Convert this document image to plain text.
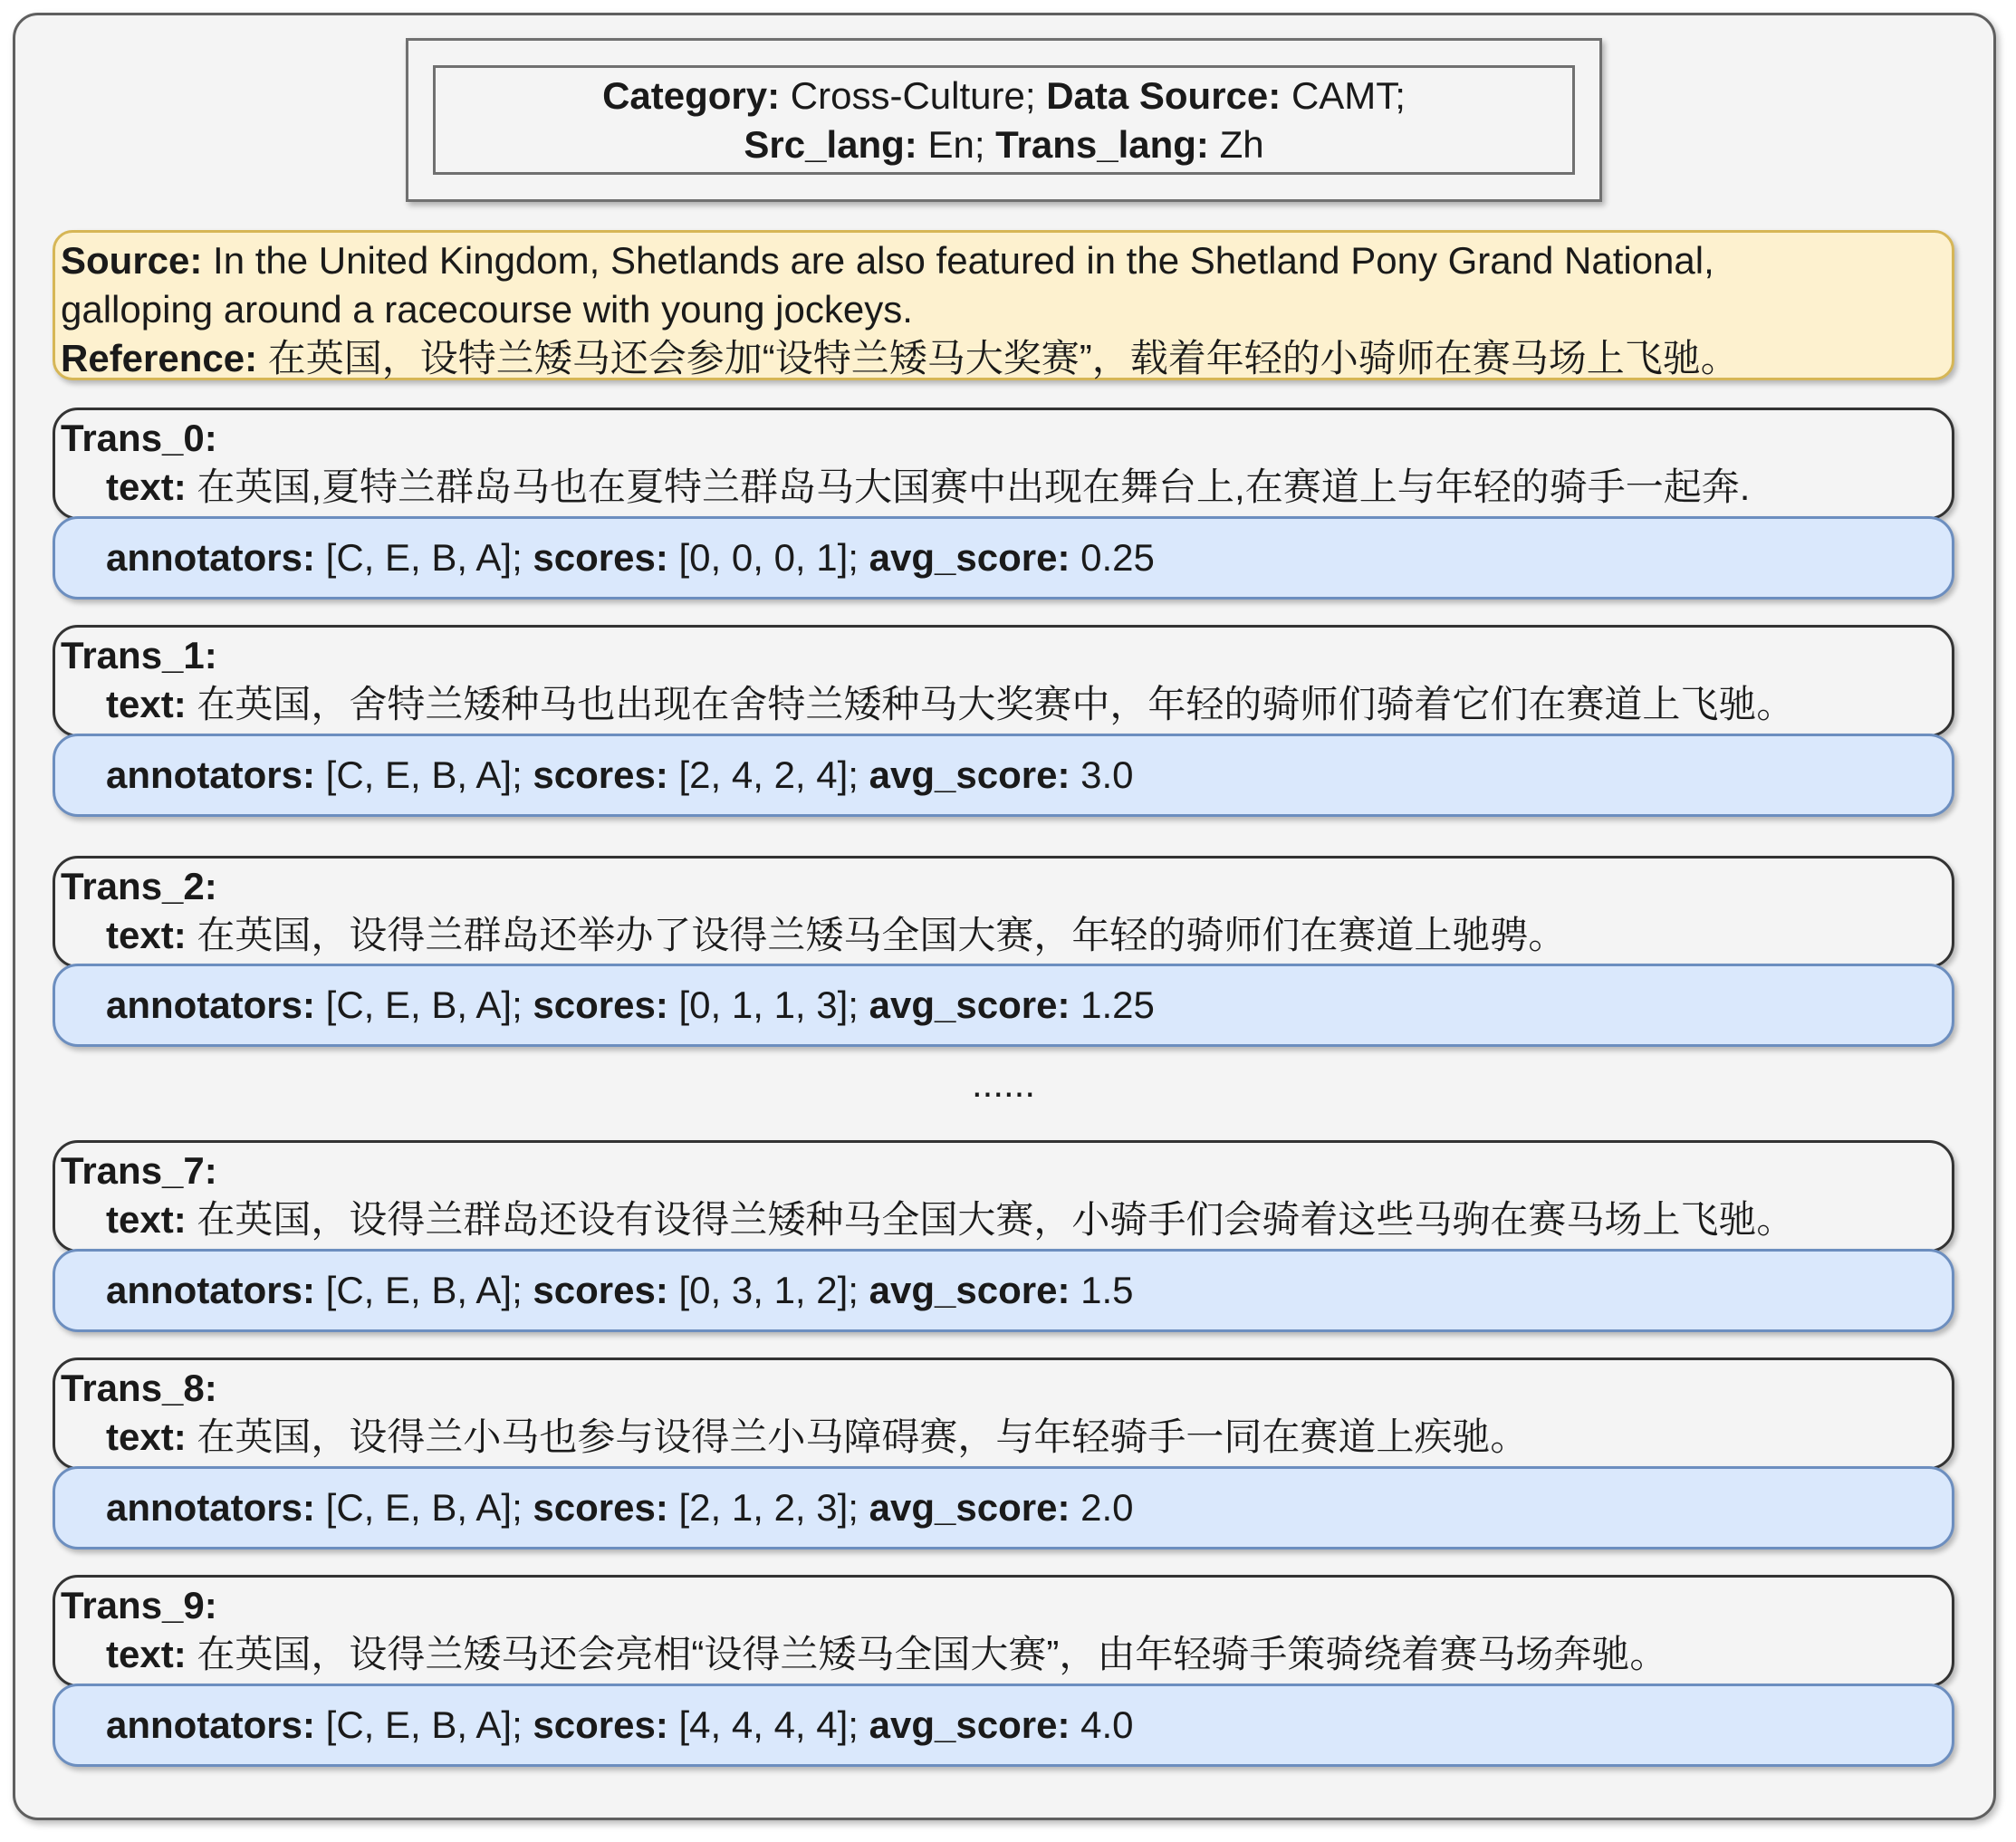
Category: Cross-Culture; Data Source: CAMT;
Src_lang: En; Trans_lang: Zh
Source: In the United Kingdom, Shetlands are also featured in the Shetland Pony Grand National,
galloping around a racecourse with young jockeys.
Reference: 在英国，设特兰矮马还会参加“设特兰矮马大奖赛”，载着年轻的小骑师在赛马场上飞驰。
Trans_0:
text: 在英国,夏特兰群岛马也在夏特兰群岛马大国赛中出现在舞台上,在赛道上与年轻的骑手一起奔.
annotators:
[C, E, B, A];
scores:
[0, 0, 0, 1];
avg_score:
0.25
Trans_1:
text: 在英国，舍特兰矮种马也出现在舍特兰矮种马大奖赛中，年轻的骑师们骑着它们在赛道上飞驰。
annotators:
[C, E, B, A];
scores:
[2, 4, 2, 4];
avg_score:
3.0
Trans_2:
text: 在英国，设得兰群岛还举办了设得兰矮马全国大赛，年轻的骑师们在赛道上驰骋。
annotators:
[C, E, B, A];
scores:
[0, 1, 1, 3];
avg_score:
1.25
......
Trans_7:
text: 在英国，设得兰群岛还设有设得兰矮种马全国大赛，小骑手们会骑着这些马驹在赛马场上飞驰。
annotators:
[C, E, B, A];
scores:
[0, 3, 1, 2];
avg_score:
1.5
Trans_8:
text: 在英国，设得兰小马也参与设得兰小马障碍赛，与年轻骑手一同在赛道上疾驰。
annotators:
[C, E, B, A];
scores:
[2, 1, 2, 3];
avg_score:
2.0
Trans_9:
text: 在英国，设得兰矮马还会亮相“设得兰矮马全国大赛”，由年轻骑手策骑绕着赛马场奔驰。
annotators:
[C, E, B, A];
scores:
[4, 4, 4, 4];
avg_score:
4.0
